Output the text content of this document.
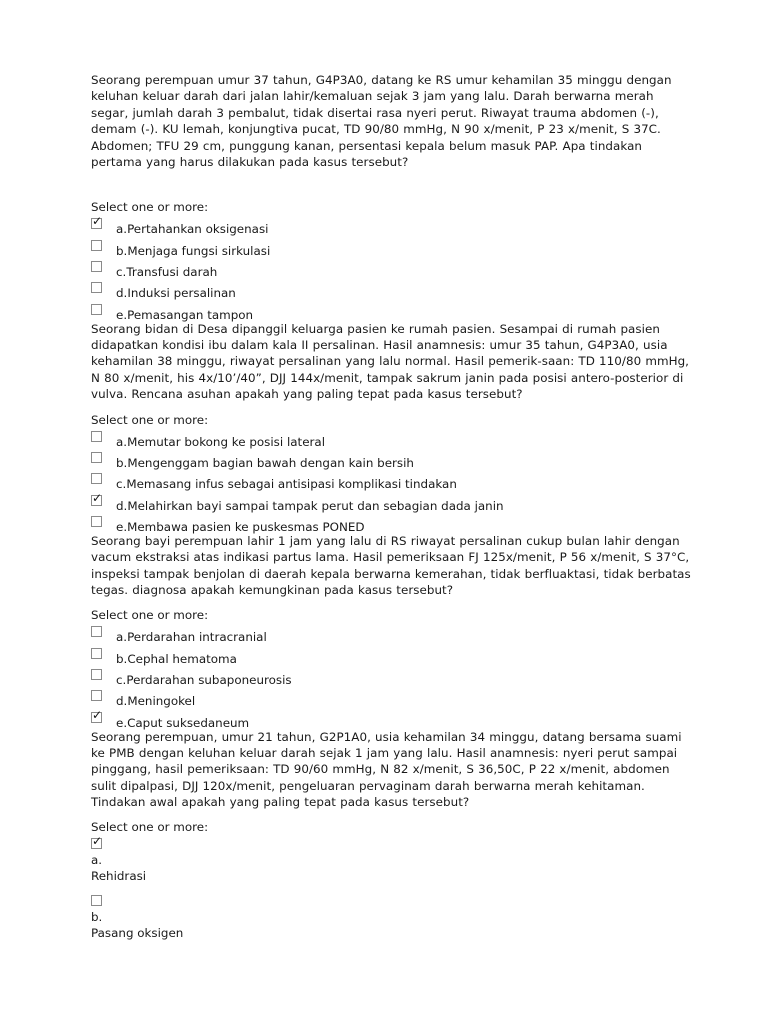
Seorang perempuan umur 37 tahun, G4P3A0, datang ke RS umur kehamilan 35 minggu dengan keluhan keluar darah dari jalan lahir/kemaluan sejak 3 jam yang lalu. Darah berwarna merah segar, jumlah darah 3 pembalut, tidak disertai rasa nyeri perut. Riwayat trauma abdomen (-), demam (-). KU lemah, konjungtiva pucat, TD 90/80 mmHg, N 90 x/menit, P 23 x/menit, S 37C. Abdomen; TFU 29 cm, punggung kanan, persentasi kepala belum masuk PAP. Apa tindakan pertama yang harus dilakukan pada kasus tersebut?

Select one or more:

✓
a.Pertahankan oksigenasi
b.Menjaga fungsi sirkulasi
c.Transfusi darah
d.Induksi persalinan
e.Pemasangan tampon

Seorang bidan di Desa dipanggil keluarga pasien ke rumah pasien. Sesampai di rumah pasien didapatkan kondisi ibu dalam kala II persalinan. Hasil anamnesis: umur 35 tahun, G4P3A0, usia kehamilan 38 minggu, riwayat persalinan yang lalu normal. Hasil pemerik-saan: TD 110/80 mmHg, N 80 x/menit, his 4x/10’/40”, DJJ 144x/menit, tampak sakrum janin pada posisi antero-posterior di vulva. Rencana asuhan apakah yang paling tepat pada kasus tersebut?

Select one or more:

a.Memutar bokong ke posisi lateral
b.Mengenggam bagian bawah dengan kain bersih
c.Memasang infus sebagai antisipasi komplikasi tindakan
✓
d.Melahirkan bayi sampai tampak perut dan sebagian dada janin
e.Membawa pasien ke puskesmas PONED

Seorang bayi perempuan lahir 1 jam yang lalu di RS riwayat persalinan cukup bulan lahir dengan vacum ekstraksi atas indikasi partus lama. Hasil pemeriksaan FJ 125x/menit, P 56 x/menit, S 37°C, inspeksi tampak benjolan di daerah kepala berwarna kemerahan, tidak berfluaktasi, tidak berbatas tegas. diagnosa apakah kemungkinan pada kasus tersebut?

Select one or more:

a.Perdarahan intracranial
b.Cephal hematoma
c.Perdarahan subaponeurosis
d.Meningokel
✓
e.Caput suksedaneum

Seorang perempuan, umur 21 tahun, G2P1A0, usia kehamilan 34 minggu, datang bersama suami ke PMB dengan keluhan keluar darah sejak 1 jam yang lalu. Hasil anamnesis: nyeri perut sampai pinggang, hasil pemeriksaan: TD 90/60 mmHg, N 82 x/menit, S 36,50C, P 22 x/menit, abdomen sulit dipalpasi, DJJ 120x/menit, pengeluaran pervaginam darah berwarna merah kehitaman. Tindakan awal apakah yang paling tepat pada kasus tersebut?

Select one or more:

✓

a.

Rehidrasi

b.

Pasang oksigen
